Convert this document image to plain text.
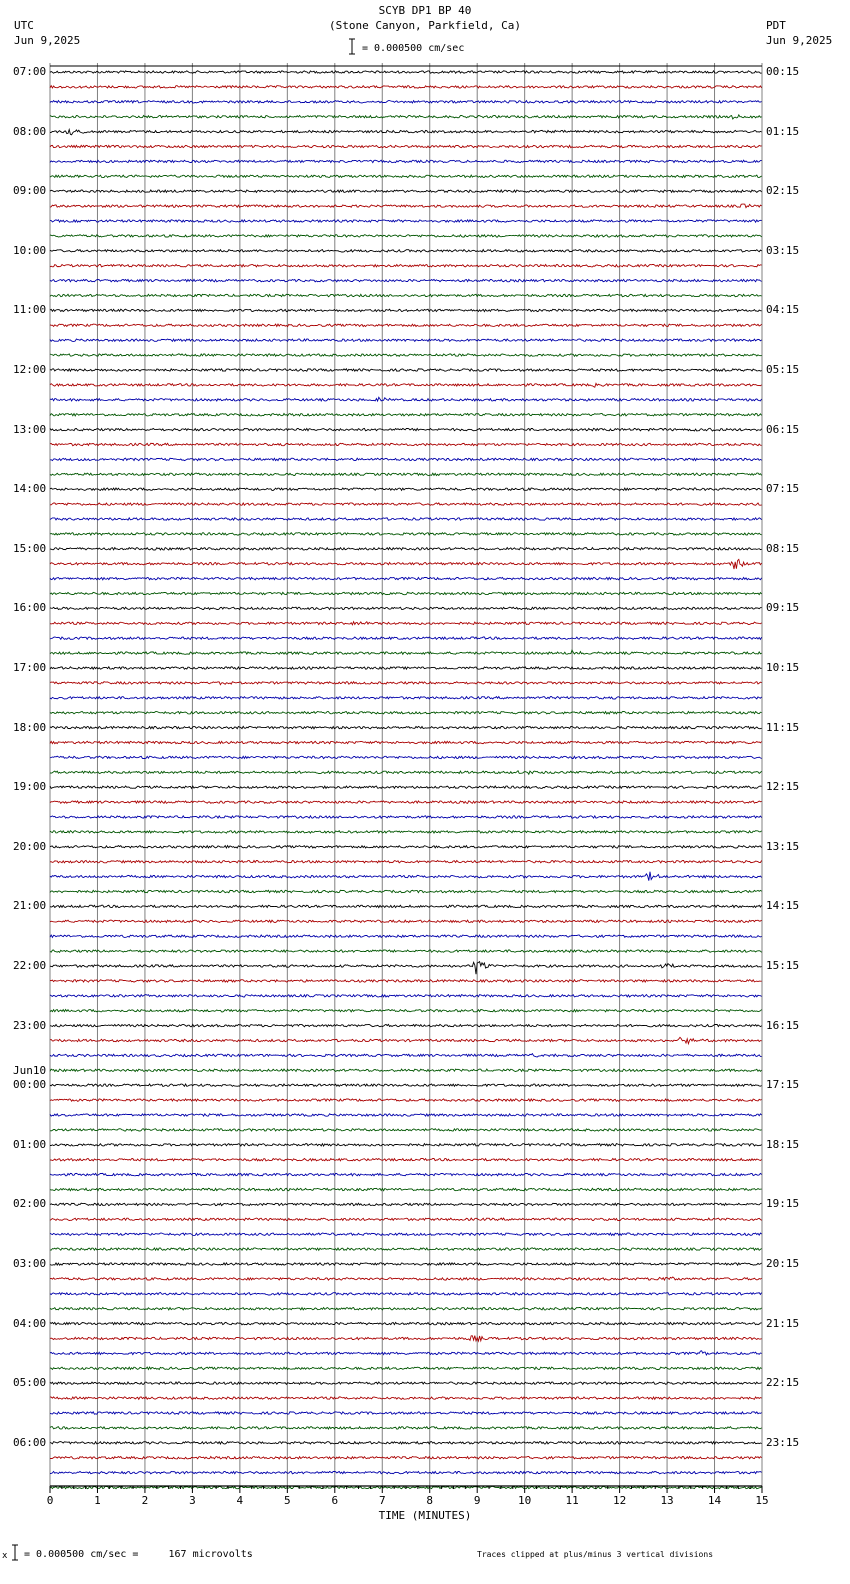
0	1	2	3	4	5	6	7	8	9	10	11	12	13	14	15
SCYB DP1 BP 40
(Stone Canyon, Parkfield, Ca)
UTC
Jun 9,2025
PDT
Jun 9,2025
= 0.000500 cm/sec
TIME (MINUTES)
x = 0.000500 cm/sec =     167 microvolts	Traces clipped at plus/minus 3 vertical divisions
07:00
08:00
09:00
10:00
11:00
12:00
13:00
14:00
15:00
16:00
17:00
18:00
19:00
20:00
21:00
22:00
23:00
00:00
01:00
02:00
03:00
04:00
05:00
06:00
Jun10
00:15
01:15
02:15
03:15
04:15
05:15
06:15
07:15
08:15
09:15
10:15
11:15
12:15
13:15
14:15
15:15
16:15
17:15
18:15
19:15
20:15
21:15
22:15
23:15
